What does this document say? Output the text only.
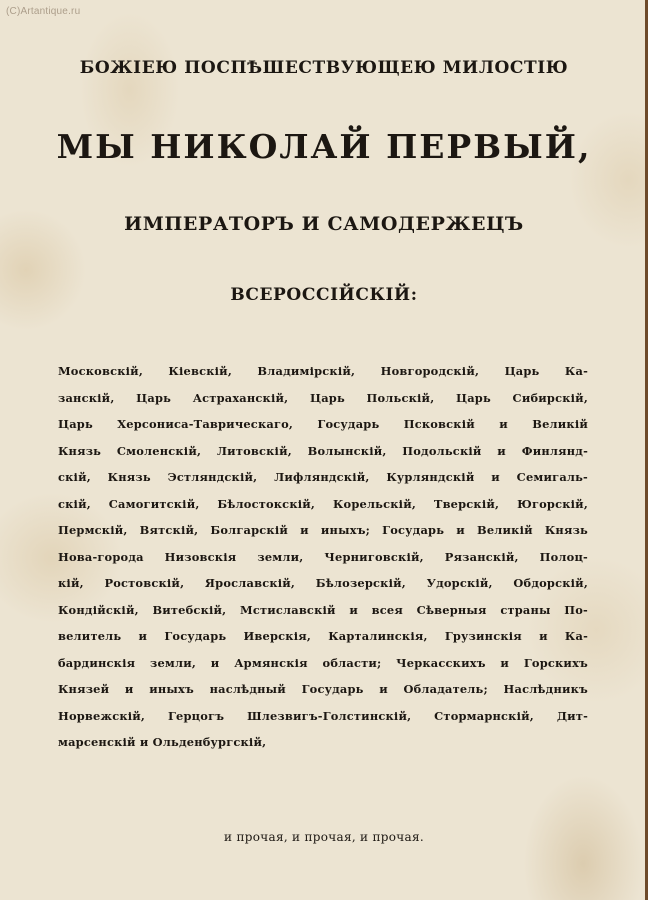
(C)Artantique.ru
БОЖІЕЮ ПОСПѢШЕСТВУЮЩЕЮ МИЛОСТІЮ
МЫ НИКОЛАЙ ПЕРВЫЙ,
ИМПЕРАТОРЪ И САМОДЕРЖЕЦЪ
ВСЕРОССІЙСКІЙ:
Московскій, Кіевскій, Владимірскій, Новгородскій, Царь Ка-
занскій, Царь Астраханскій, Царь Польскій, Царь Сибирскій,
Царь Херсониса-Таврическаго, Государь Псковскій и Великій
Князь Смоленскій, Литовскій, Волынскій, Подольскій и Финлянд-
скій, Князь Эстляндскій, Лифляндскій, Курляндскій и Семигаль-
скій, Самогитскій, Бѣлостокскій, Корельскій, Тверскій, Югорскій,
Пермскій, Вятскій, Болгарскій и иныхъ; Государь и Великій Князь
Нова-города Низовскія земли, Черниговскій, Рязанскій, Полоц-
кій, Ростовскій, Ярославскій, Бѣлозерскій, Удорскій, Обдорскій,
Кондійскій, Витебскій, Мстиславскій и всея Сѣверныя страны По-
велитель и Государь Иверскія, Карталинскія, Грузинскія и Ка-
бардинскія земли, и Армянскія области; Черкасскихъ и Горскихъ
Князей и иныхъ наслѣдный Государь и Обладатель; Наслѣдникъ
Норвежскій, Герцогъ Шлезвигъ-Голстинскій, Стормарнскій, Дит-
марсенскій и Ольденбургскій,
и прочая, и прочая, и прочая.
